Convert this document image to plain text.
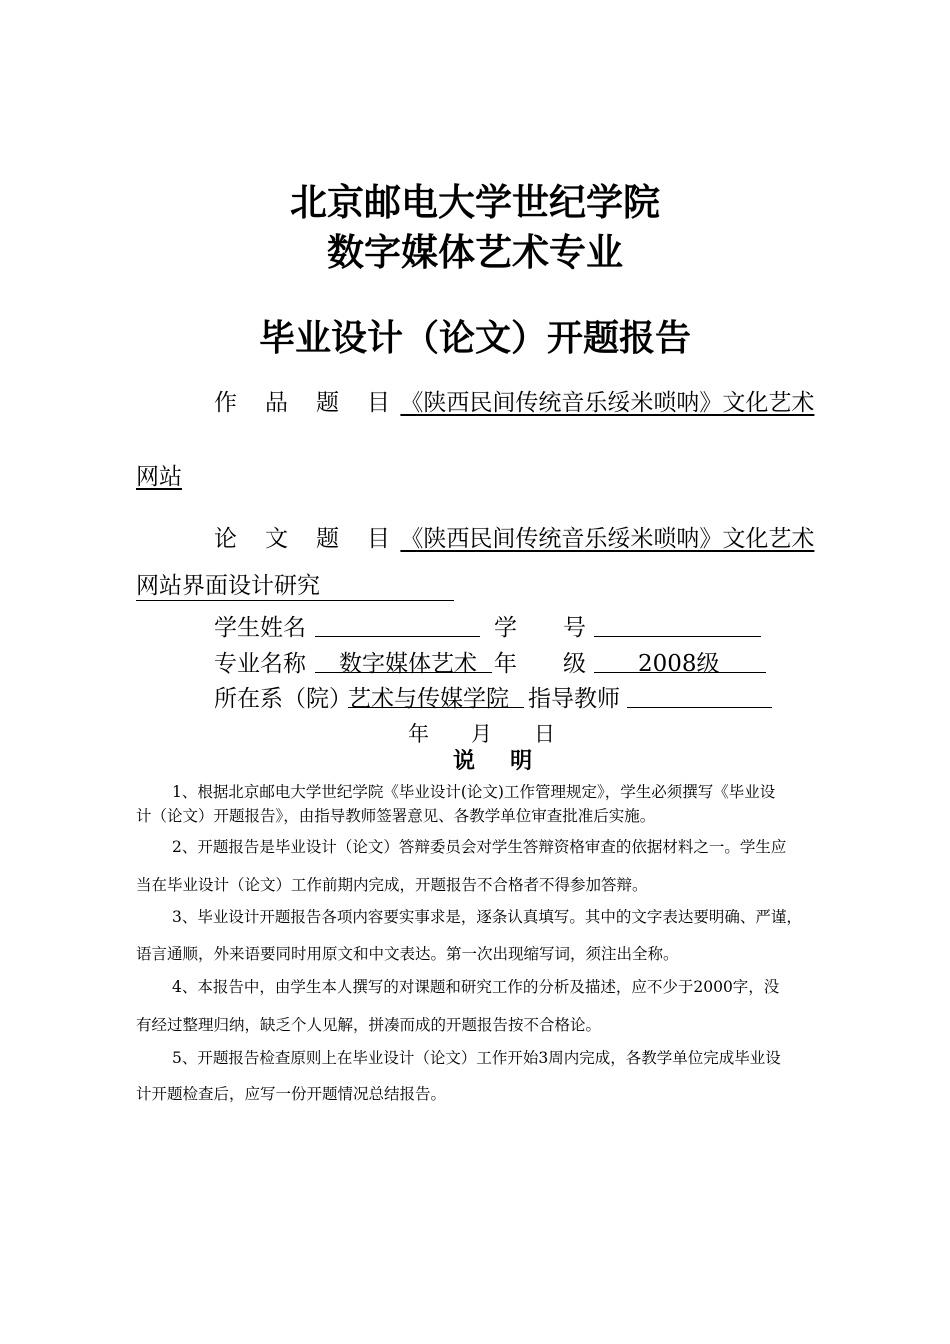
北京邮电大学世纪学院
数字媒体艺术专业
毕业设计（论文）开题报告
作 品 题 目《陕西民间传统音乐绥米唢呐》文化艺术
网站
论 文 题 目《陕西民间传统音乐绥米唢呐》文化艺术
网站界面设计研究
学生姓名	学　　号
专业名称 数字媒体艺术 年　　级 2008级
所在系（院）
艺术与传媒学院 指导教师
年　　月　　日
说明
1、根据北京邮电大学世纪学院《毕业设计(论文)工作管理规定》，学生必须撰写《毕业设
计（论文）开题报告》，由指导教师签署意见、各教学单位审查批准后实施。
2、开题报告是毕业设计（论文）答辩委员会对学生答辩资格审查的依据材料之一。学生应
当在毕业设计（论文）工作前期内完成，开题报告不合格者不得参加答辩。
3、毕业设计开题报告各项内容要实事求是，逐条认真填写。其中的文字表达要明确、严谨，
语言通顺，外来语要同时用原文和中文表达。第一次出现缩写词，须注出全称。
4、本报告中，由学生本人撰写的对课题和研究工作的分析及描述，应不少于2000字，没
有经过整理归纳，缺乏个人见解，拼凑而成的开题报告按不合格论。
5、开题报告检查原则上在毕业设计（论文）工作开始3周内完成，各教学单位完成毕业设
计开题检查后，应写一份开题情况总结报告。
